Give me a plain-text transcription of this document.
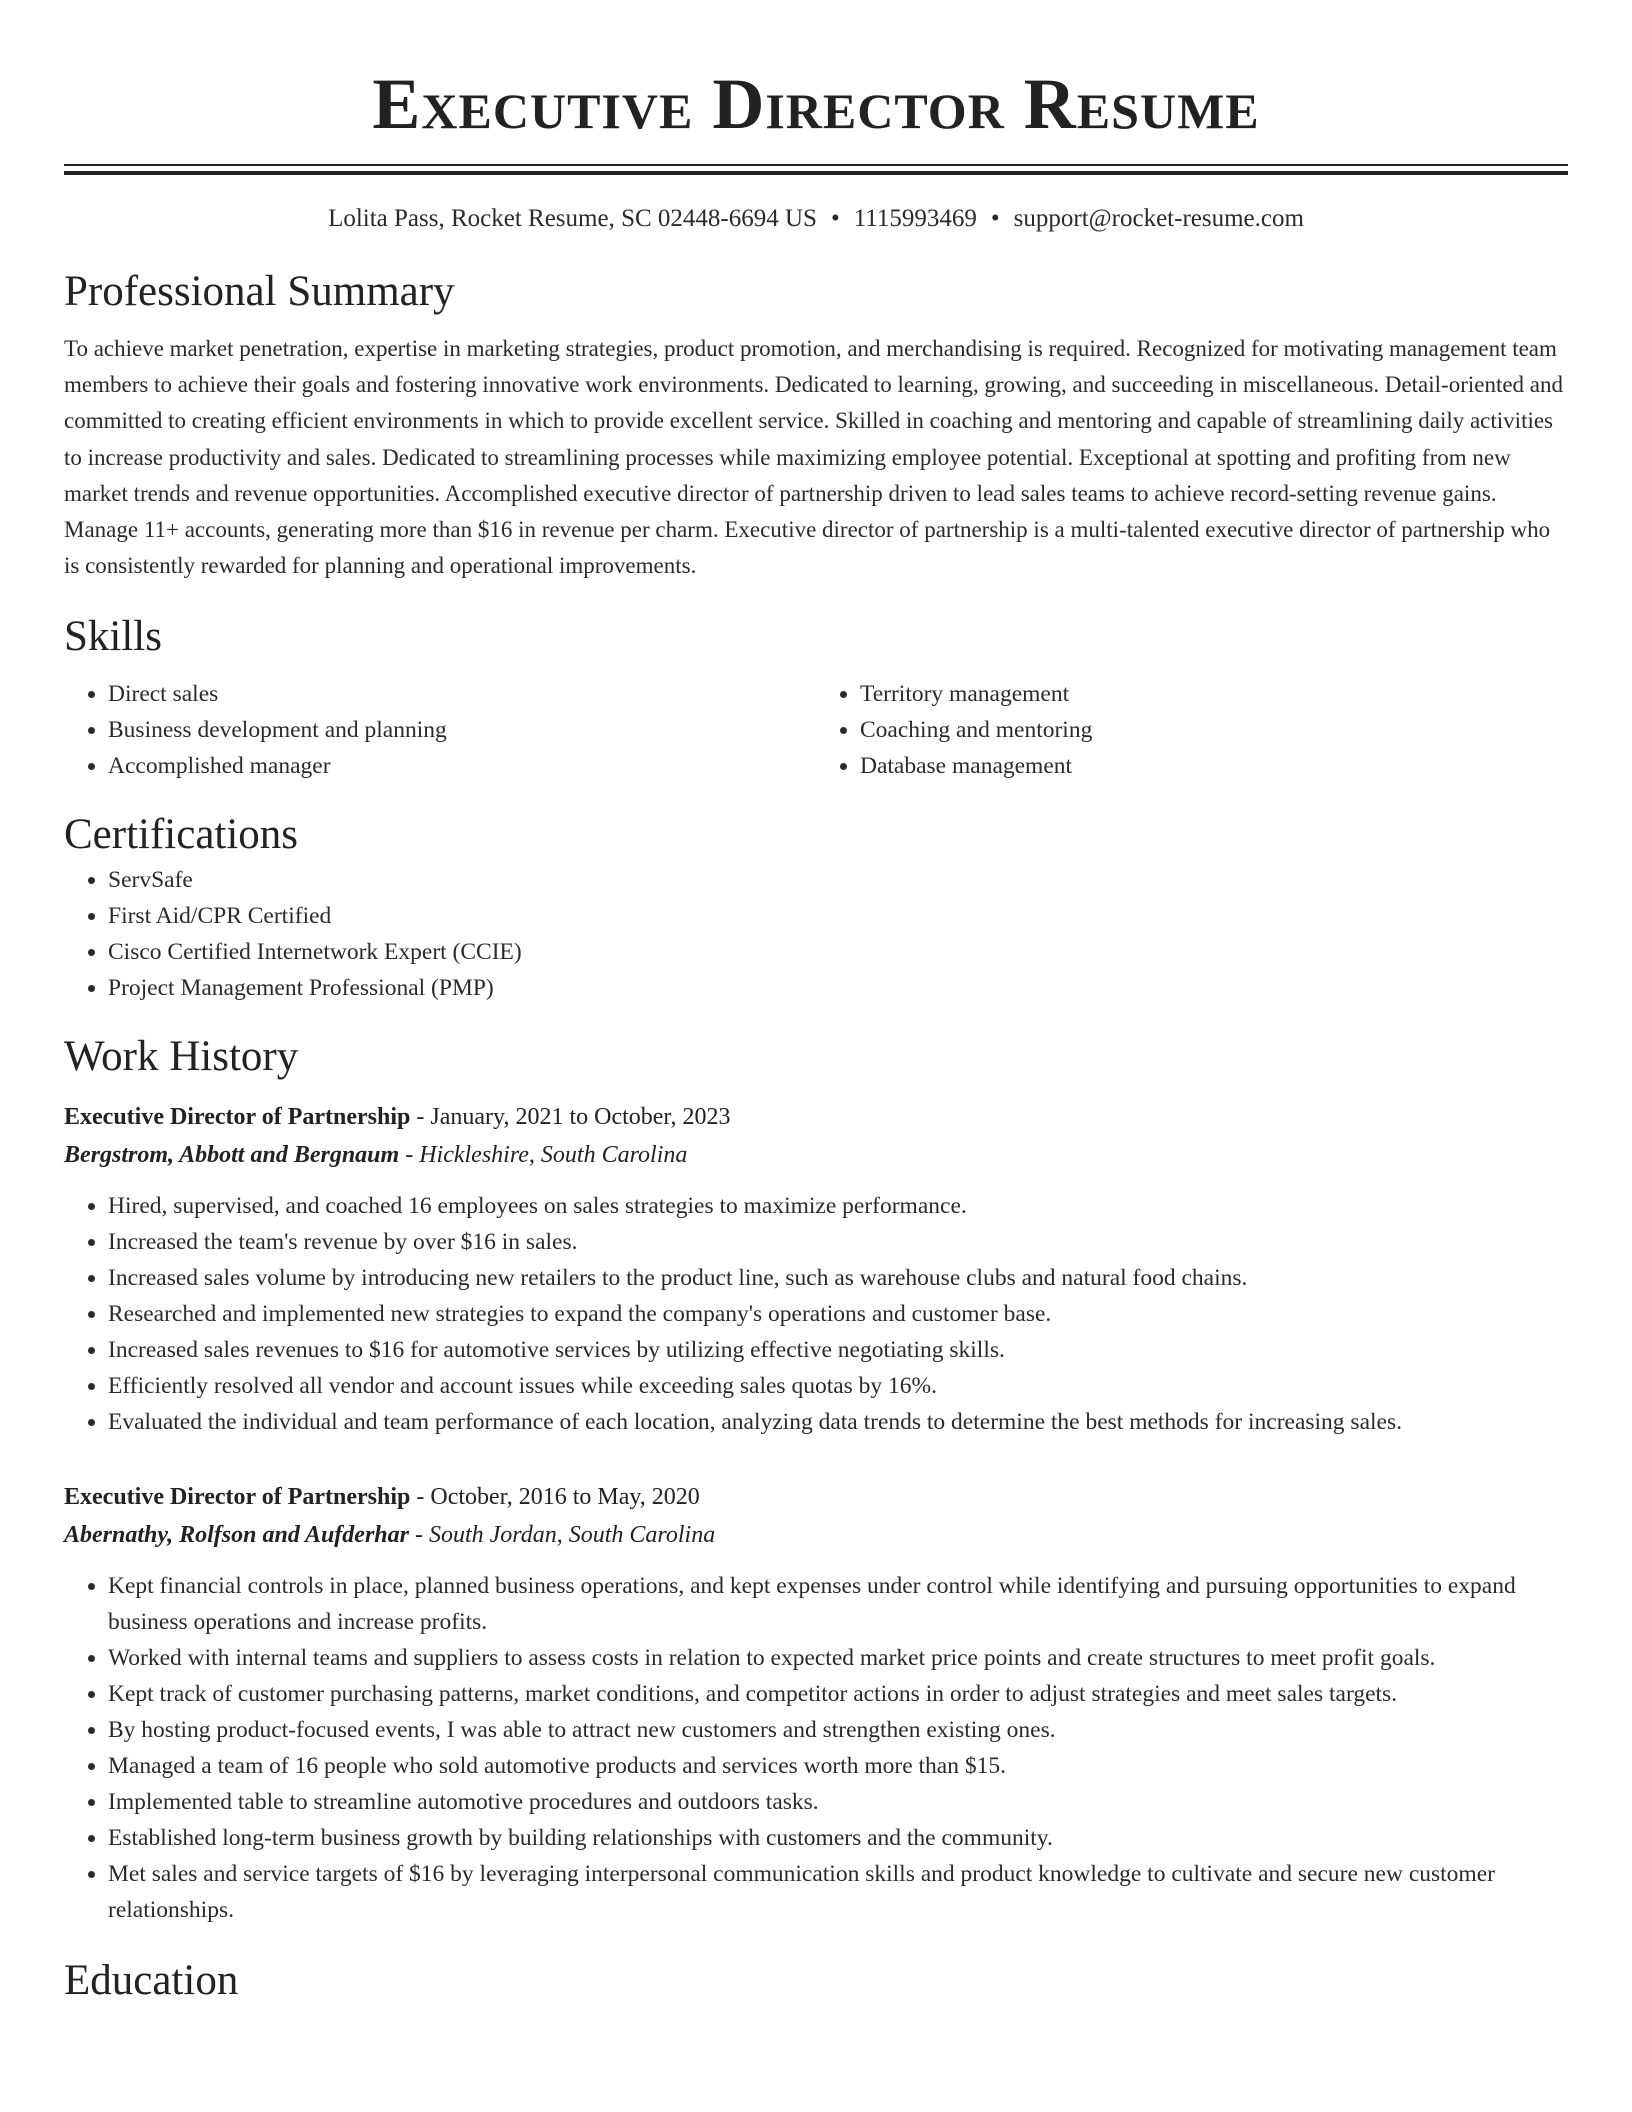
Executive Director Resume
Lolita Pass, Rocket Resume, SC 02448-6694 US • 1115993469 • support@rocket-resume.com
Professional Summary

To achieve market penetration, expertise in marketing strategies, product promotion, and merchandising is required. Recognized for motivating management team members to achieve their goals and fostering innovative work environments. Dedicated to learning, growing, and succeeding in miscellaneous. Detail-oriented and committed to creating efficient environments in which to provide excellent service. Skilled in coaching and mentoring and capable of streamlining daily activities to increase productivity and sales. Dedicated to streamlining processes while maximizing employee potential. Exceptional at spotting and profiting from new market trends and revenue opportunities. Accomplished executive director of partnership driven to lead sales teams to achieve record-setting revenue gains. Manage 11+ accounts, generating more than $16 in revenue per charm. Executive director of partnership is a multi-talented executive director of partnership who is consistently rewarded for planning and operational improvements.

Skills
• Direct sales
• Business development and planning
• Accomplished manager
• Territory management
• Coaching and mentoring
• Database management
Certifications
• ServSafe
• First Aid/CPR Certified
• Cisco Certified Internetwork Expert (CCIE)
• Project Management Professional (PMP)
Work History
Executive Director of Partnership - January, 2021 to October, 2023
Bergstrom, Abbott and Bergnaum - Hickleshire, South Carolina
• Hired, supervised, and coached 16 employees on sales strategies to maximize performance.
• Increased the team's revenue by over $16 in sales.
• Increased sales volume by introducing new retailers to the product line, such as warehouse clubs and natural food chains.
• Researched and implemented new strategies to expand the company's operations and customer base.
• Increased sales revenues to $16 for automotive services by utilizing effective negotiating skills.
• Efficiently resolved all vendor and account issues while exceeding sales quotas by 16%.
• Evaluated the individual and team performance of each location, analyzing data trends to determine the best methods for increasing sales.
Executive Director of Partnership - October, 2016 to May, 2020
Abernathy, Rolfson and Aufderhar - South Jordan, South Carolina
• Kept financial controls in place, planned business operations, and kept expenses under control while identifying and pursuing opportunities to expand business operations and increase profits.
• Worked with internal teams and suppliers to assess costs in relation to expected market price points and create structures to meet profit goals.
• Kept track of customer purchasing patterns, market conditions, and competitor actions in order to adjust strategies and meet sales targets.
• By hosting product-focused events, I was able to attract new customers and strengthen existing ones.
• Managed a team of 16 people who sold automotive products and services worth more than $15.
• Implemented table to streamline automotive procedures and outdoors tasks.
• Established long-term business growth by building relationships with customers and the community.
• Met sales and service targets of $16 by leveraging interpersonal communication skills and product knowledge to cultivate and secure new customer relationships.
Education
